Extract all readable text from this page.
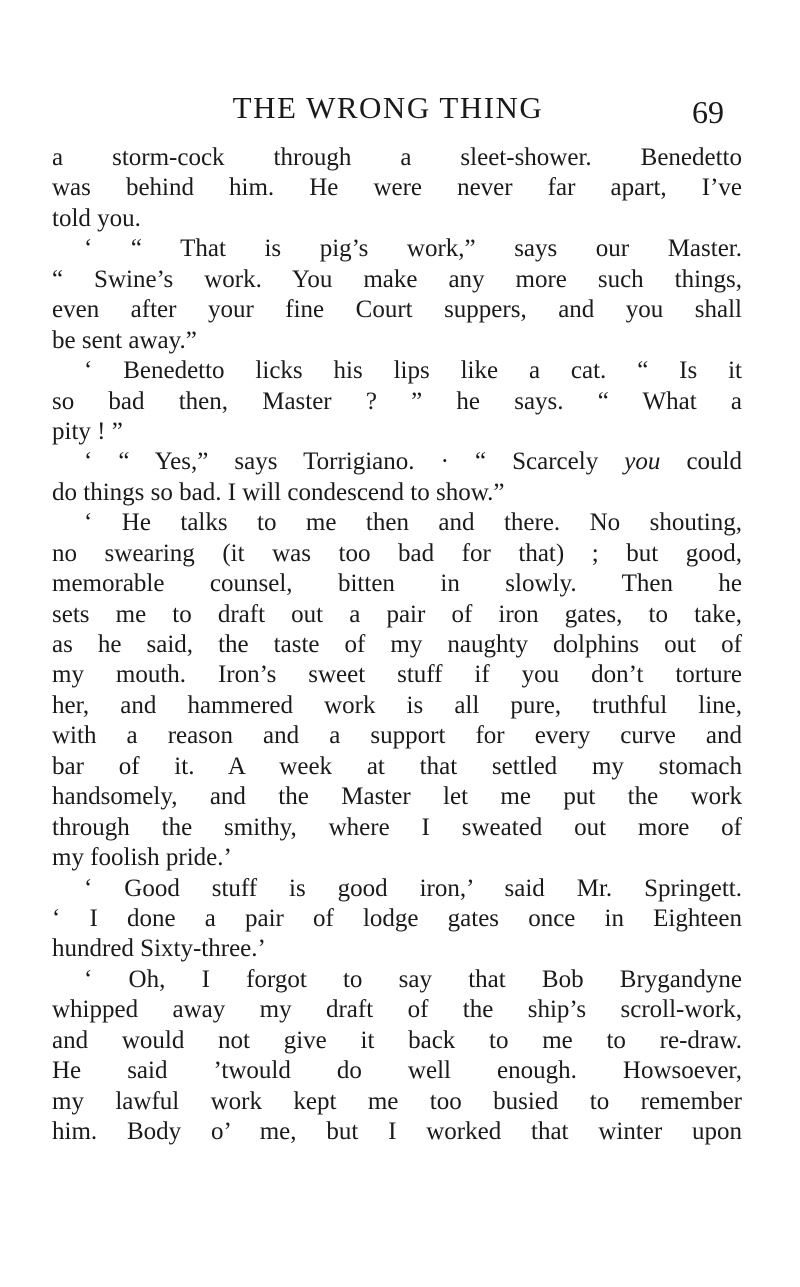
THE WRONG THING	69
a storm-cock through a sleet-shower. Benedetto
was behind him. He were never far apart, I’ve
told you.
‘ “ That is pig’s work,” says our Master.
“ Swine’s work. You make any more such things,
even after your fine Court suppers, and you shall
be sent away.”
‘ Benedetto licks his lips like a cat. “ Is it
so bad then, Master ? ” he says. “ What a
pity ! ”
‘ “ Yes,” says Torrigiano. · “ Scarcely you could
do things so bad. I will condescend to show.”
‘ He talks to me then and there. No shouting,
no swearing (it was too bad for that) ; but good,
memorable counsel, bitten in slowly. Then he
sets me to draft out a pair of iron gates, to take,
as he said, the taste of my naughty dolphins out of
my mouth. Iron’s sweet stuff if you don’t torture
her, and hammered work is all pure, truthful line,
with a reason and a support for every curve and
bar of it. A week at that settled my stomach
handsomely, and the Master let me put the work
through the smithy, where I sweated out more of
my foolish pride.’
‘ Good stuff is good iron,’ said Mr. Springett.
‘ I done a pair of lodge gates once in Eighteen
hundred Sixty-three.’
‘ Oh, I forgot to say that Bob Brygandyne
whipped away my draft of the ship’s scroll-work,
and would not give it back to me to re-draw.
He said ’twould do well enough. Howsoever,
my lawful work kept me too busied to remember
him. Body o’ me, but I worked that winter upon
